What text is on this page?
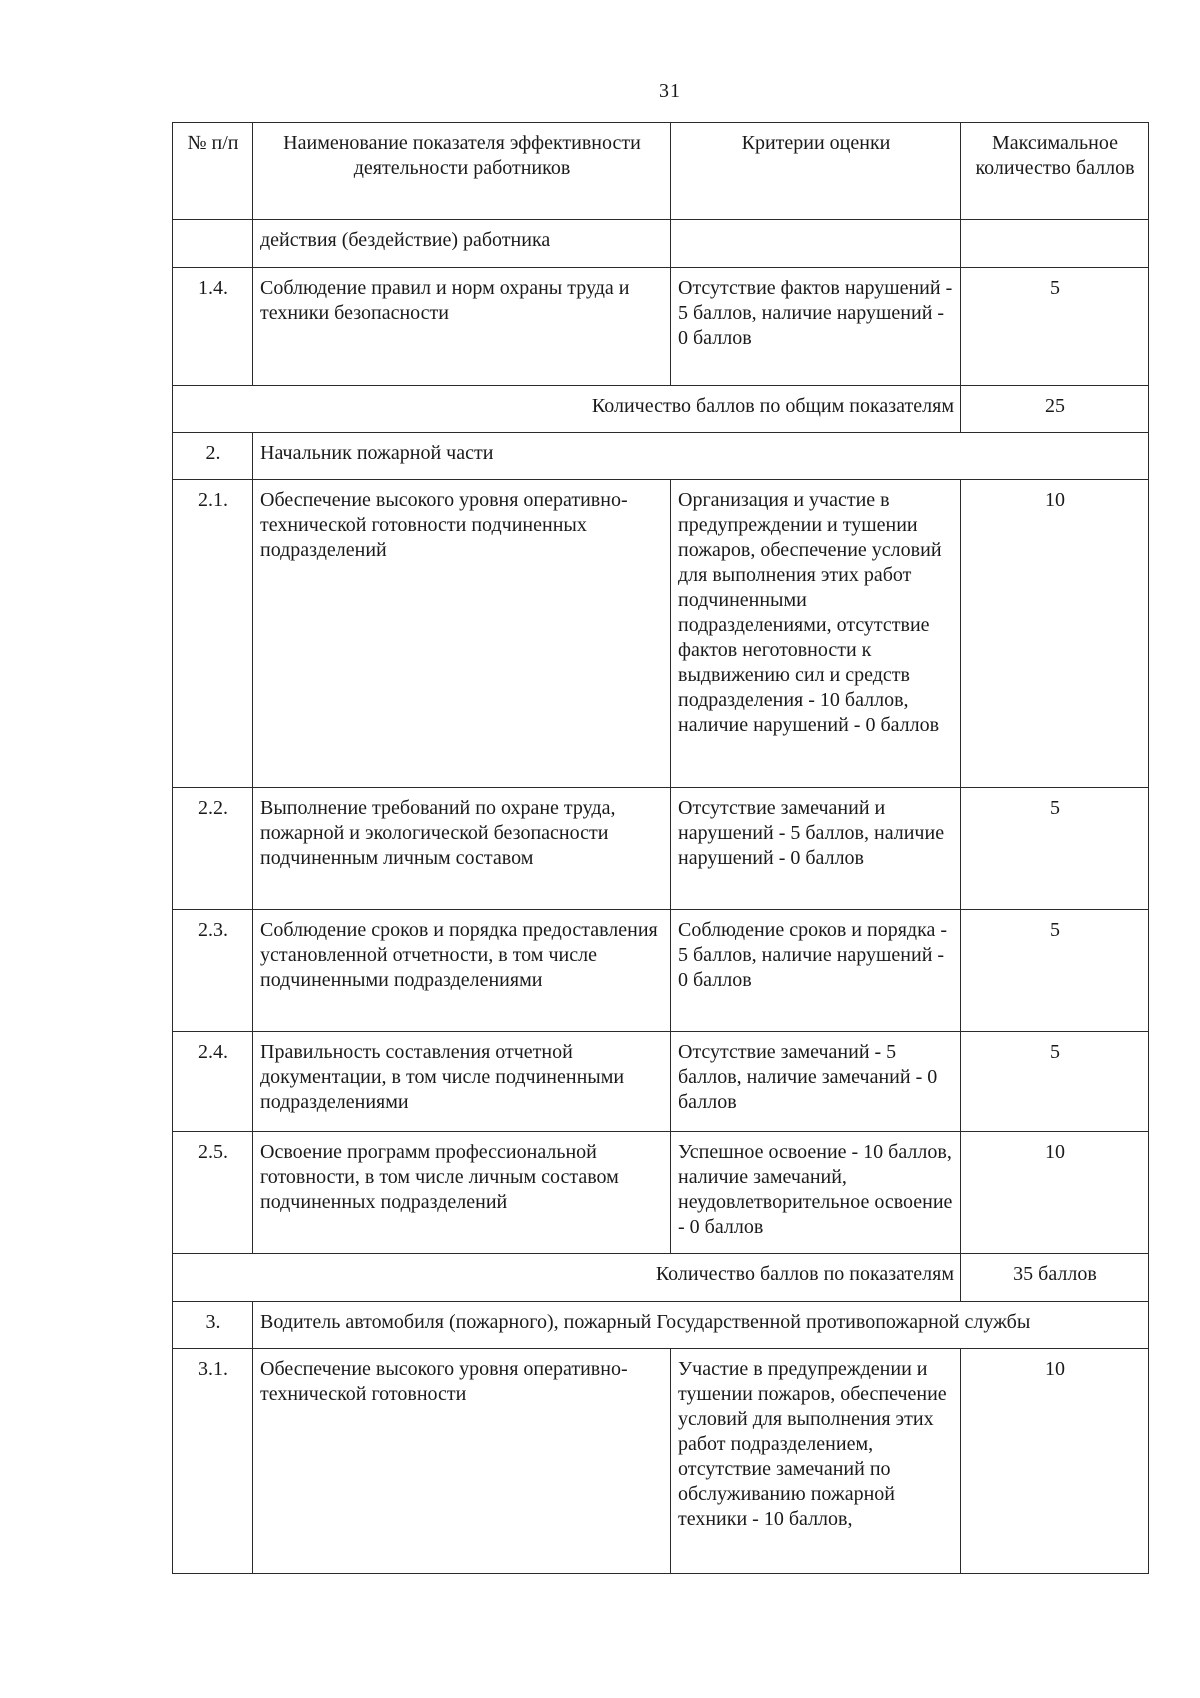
31
№ п/п	Наименование показателя эффективности деятельности работников	Критерии оценки	Максимальное количество баллов
	действия (бездействие) работника		
1.4.	Соблюдение правил и норм охраны труда и техники безопасности	Отсутствие фактов нарушений - 5 баллов, наличие нарушений - 0 баллов	5
Количество баллов по общим показателям			25
2.	Начальник пожарной части		
2.1.	Обеспечение высокого уровня оперативно-технической готовности подчиненных подразделений	Организация и участие в предупреждении и тушении пожаров, обеспечение условий для выполнения этих работ подчиненными подразделениями, отсутствие фактов неготовности к выдвижению сил и средств подразделения - 10 баллов, наличие нарушений - 0 баллов	10
2.2.	Выполнение требований по охране труда, пожарной и экологической безопасности подчиненным личным составом	Отсутствие замечаний и нарушений - 5 баллов, наличие нарушений - 0 баллов	5
2.3.	Соблюдение сроков и порядка предоставления установленной отчетности, в том числе подчиненными подразделениями	Соблюдение сроков и порядка - 5 баллов, наличие нарушений - 0 баллов	5
2.4.	Правильность составления отчетной документации, в том числе подчиненными подразделениями	Отсутствие замечаний - 5 баллов, наличие замечаний - 0 баллов	5
2.5.	Освоение программ профессиональной готовности, в том числе личным составом подчиненных подразделений	Успешное освоение - 10 баллов, наличие замечаний, неудовлетворительное освоение - 0 баллов	10
Количество баллов по показателям			35 баллов
3.	Водитель автомобиля (пожарного), пожарный Государственной противопожарной службы		
3.1.	Обеспечение высокого уровня оперативно-технической готовности	Участие в предупреждении и тушении пожаров, обеспечение условий для выполнения этих работ подразделением, отсутствие замечаний по обслуживанию пожарной техники - 10 баллов,	10
